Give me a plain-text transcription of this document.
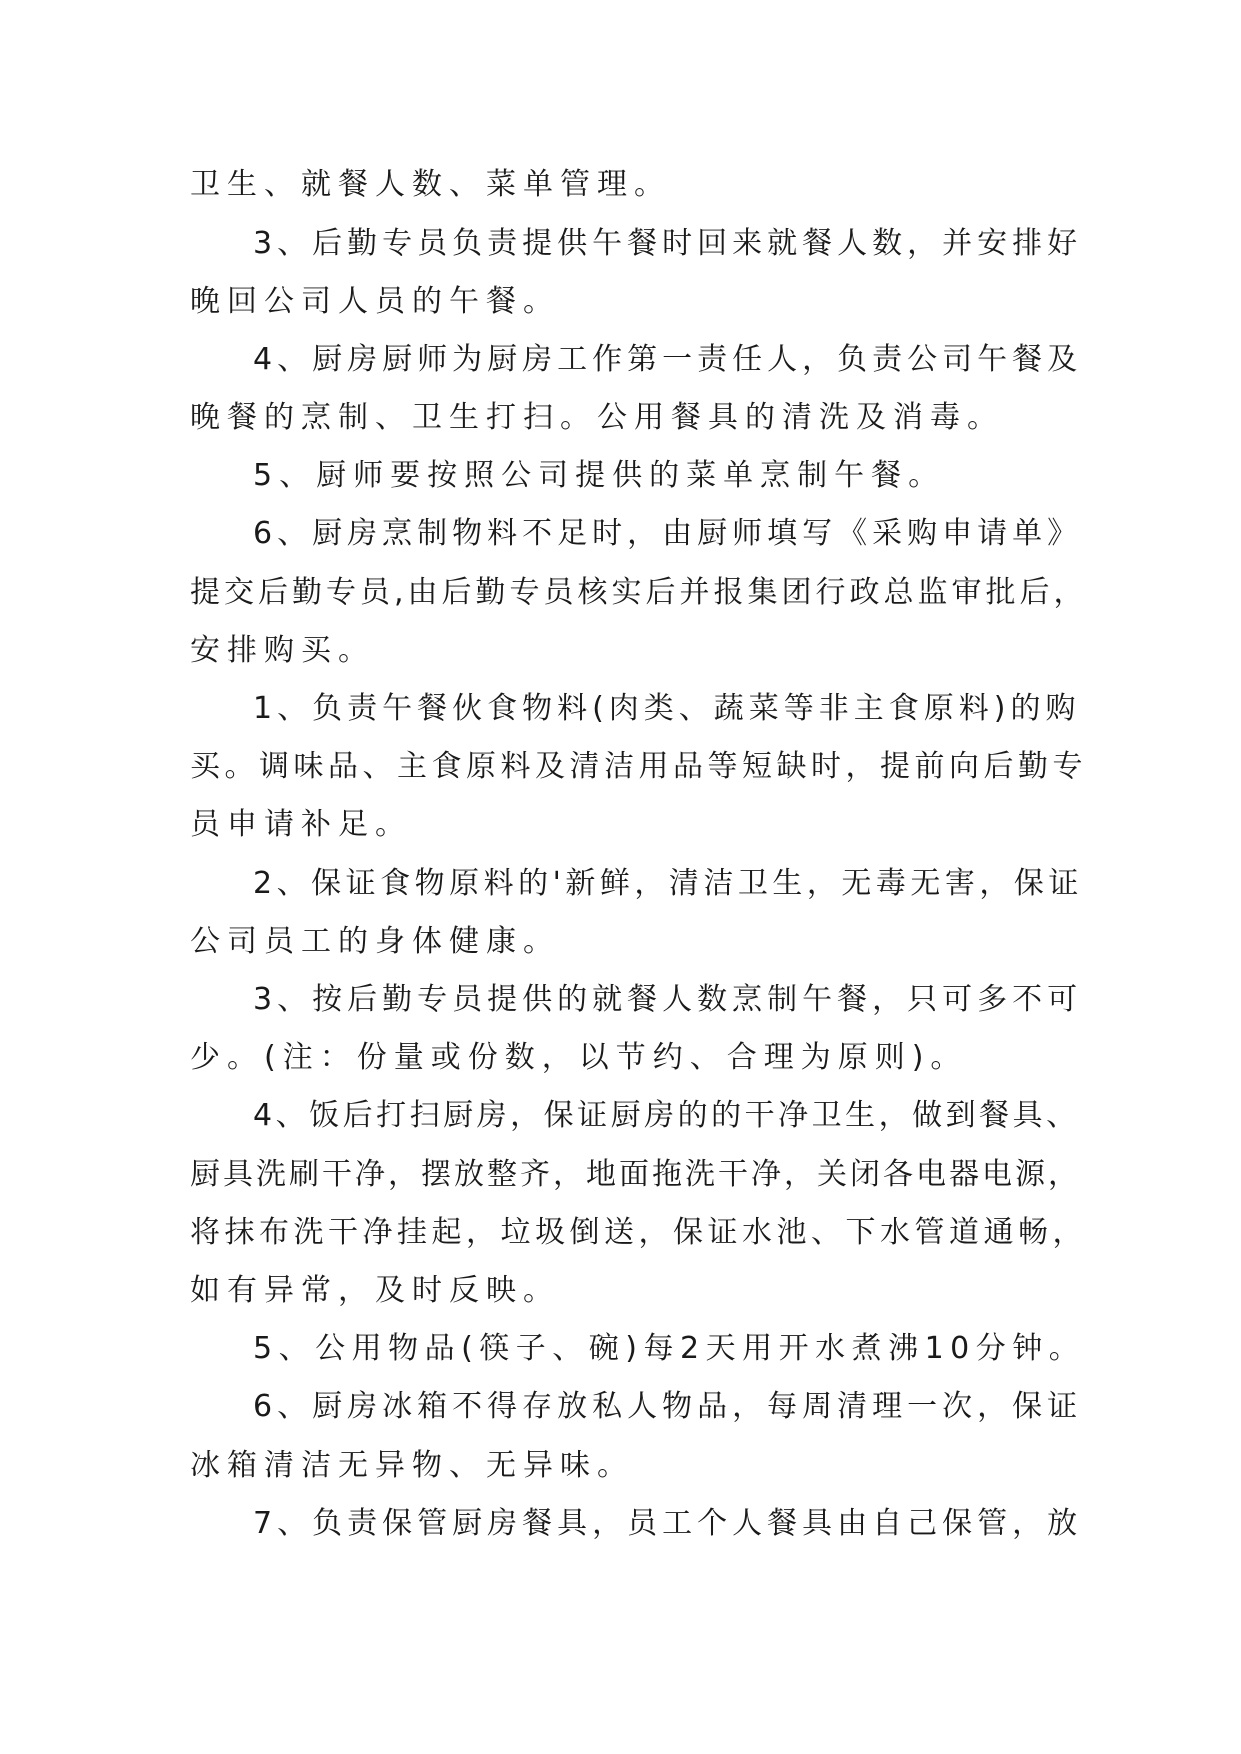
卫生、就餐人数、菜单管理。
3、后勤专员负责提供午餐时回来就餐人数，并安排好
晚回公司人员的午餐。
4、厨房厨师为厨房工作第一责任人，负责公司午餐及
晚餐的烹制、卫生打扫。公用餐具的清洗及消毒。
5、厨师要按照公司提供的菜单烹制午餐。
6、厨房烹制物料不足时，由厨师填写《采购申请单》
提交后勤专员,由后勤专员核实后并报集团行政总监审批后，
安排购买。
1、负责午餐伙食物料(肉类、蔬菜等非主食原料)的购
买。调味品、主食原料及清洁用品等短缺时，提前向后勤专
员申请补足。
2、保证食物原料的'新鲜，清洁卫生，无毒无害，保证
公司员工的身体健康。
3、按后勤专员提供的就餐人数烹制午餐，只可多不可
少。(注：份量或份数，以节约、合理为原则)。
4、饭后打扫厨房，保证厨房的的干净卫生，做到餐具、
厨具洗刷干净，摆放整齐，地面拖洗干净，关闭各电器电源，
将抹布洗干净挂起，垃圾倒送，保证水池、下水管道通畅，
如有异常，及时反映。
5、公用物品(筷子、碗)每2天用开水煮沸10分钟。
6、厨房冰箱不得存放私人物品，每周清理一次，保证
冰箱清洁无异物、无异味。
7、负责保管厨房餐具，员工个人餐具由自己保管，放
